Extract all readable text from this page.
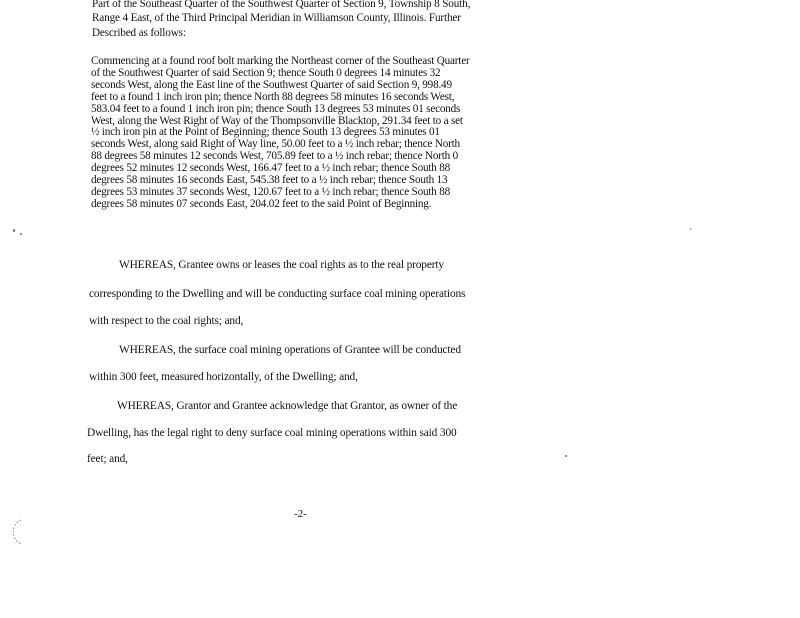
Part of the Southeast Quarter of the Southwest Quarter of Section 9, Township 8 South,
Range 4 East, of the Third Principal Meridian in Williamson County, Illinois. Further
Described as follows:
Commencing at a found roof bolt marking the Northeast corner of the Southeast Quarter
of the Southwest Quarter of said Section 9; thence South 0 degrees 14 minutes 32
seconds West, along the East line of the Southwest Quarter of said Section 9, 998.49
feet to a found 1 inch iron pin; thence North 88 degrees 58 minutes 16 seconds West,
583.04 feet to a found 1 inch iron pin; thence South 13 degrees 53 minutes 01 seconds
West, along the West Right of Way of the Thompsonville Blacktop, 291.34 feet to a set
½ inch iron pin at the Point of Beginning; thence South 13 degrees 53 minutes 01
seconds West, along said Right of Way line, 50.00 feet to a ½ inch rebar; thence North
88 degrees 58 minutes 12 seconds West, 705.89 feet to a ½ inch rebar; thence North 0
degrees 52 minutes 12 seconds West, 166.47 feet to a ½ inch rebar; thence South 88
degrees 58 minutes 16 seconds East, 545.38 feet to a ½ inch rebar; thence South 13
degrees 53 minutes 37 seconds West, 120.67 feet to a ½ inch rebar; thence South 88
degrees 58 minutes 07 seconds East, 204.02 feet to the said Point of Beginning.
WHEREAS, Grantee owns or leases the coal rights as to the real property
corresponding to the Dwelling and will be conducting surface coal mining operations
with respect to the coal rights; and,
WHEREAS, the surface coal mining operations of Grantee will be conducted
within 300 feet, measured horizontally, of the Dwelling; and,
WHEREAS, Grantor and Grantee acknowledge that Grantor, as owner of the
Dwelling, has the legal right to deny surface coal mining operations within said 300
feet; and,
-2-
